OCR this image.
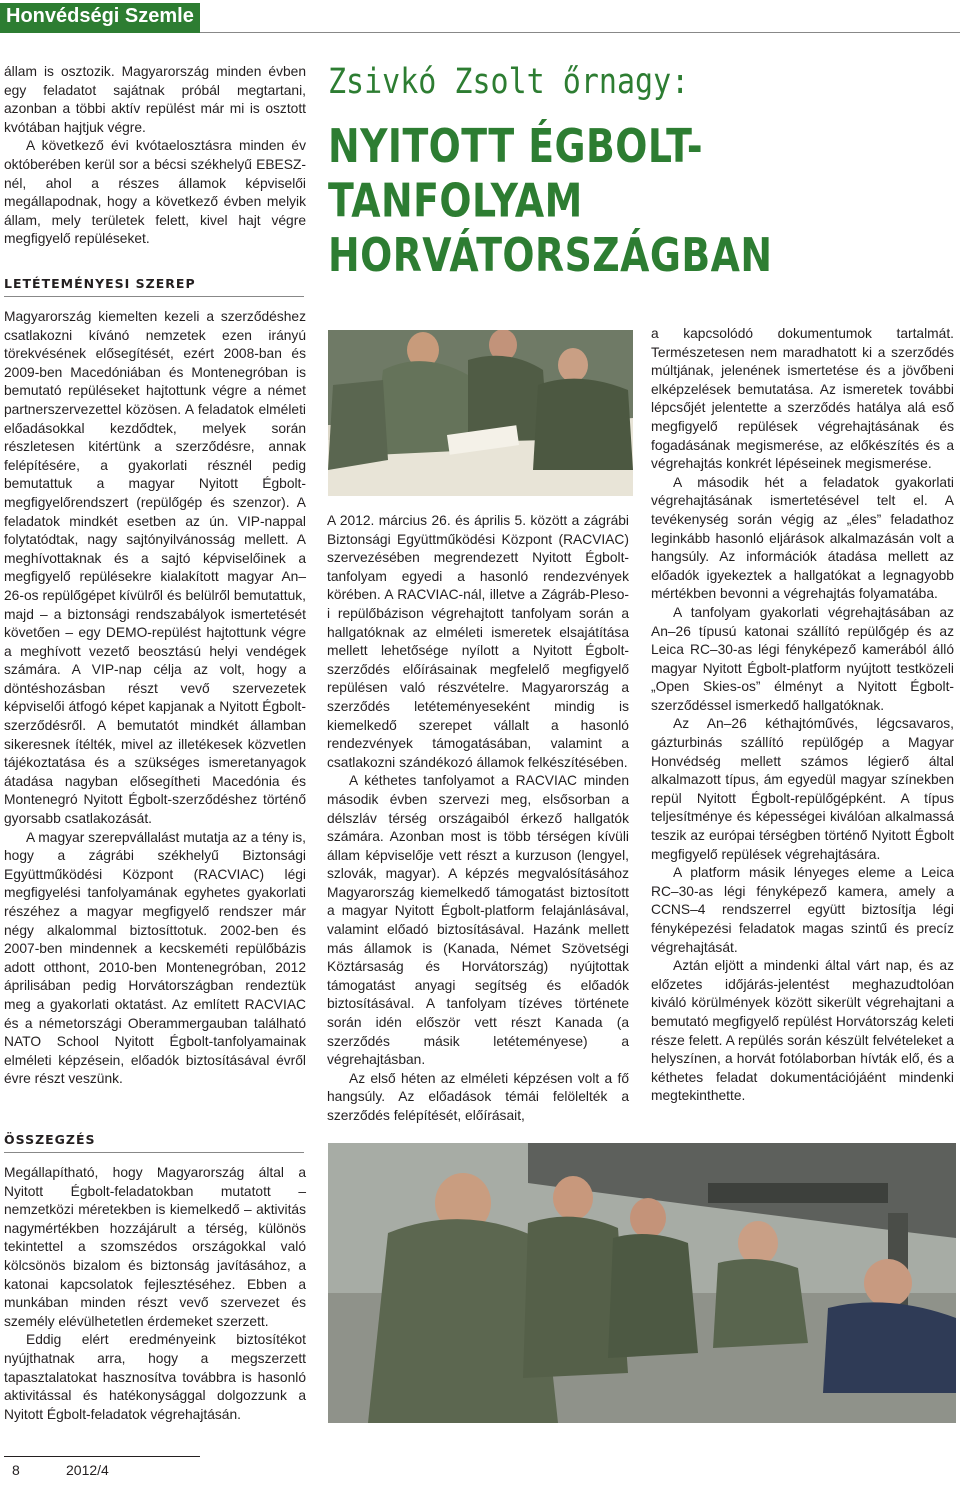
Honvédségi Szemle

állam is osztozik. Magyarország minden évben egy feladatot sajátnak próbál megtartani, azonban a többi aktív repülést már mi is osztott kvótában hajtjuk végre.

A következő évi kvótaelosztásra minden év októberében kerül sor a bécsi székhelyű EBESZ-nél, ahol a részes államok képviselői megállapodnak, hogy a következő évben melyik állam, mely területek felett, kivel hajt végre megfigyelő repüléseket.

Zsivkó Zsolt őrnagy:
NYITOTT ÉGBOLT-TANFOLYAM
HORVÁTORSZÁGBAN
LETÉTEMÉNYESI SZEREP

Magyarország kiemelten kezeli a szerződéshez csatlakozni kívánó nemzetek ezen irányú törekvésének elősegítését, ezért 2008-ban és 2009-ben Macedóniában és Montenegróban is bemutató repüléseket hajtottunk végre a német partnerszervezettel közösen. A feladatok elméleti előadásokkal kezdődtek, melyek során részletesen kitértünk a szerződésre, annak felépítésére, a gyakorlati résznél pedig bemutattuk a magyar Nyitott Égbolt-megfigyelőrendszert (repülőgép és szenzor). A feladatok mindkét esetben az ún. VIP-nappal folytatódtak, nagy sajtónyilvánosság mellett. A meghívottaknak és a sajtó képviselőinek a megfigyelő repülésekre kialakított magyar An–26-os repülőgépet kívülről és belülről bemutattuk, majd – a biztonsági rendszabályok ismertetését követően – egy DEMO-repülést hajtottunk végre a meghívott vezető beosztású helyi vendégek számára. A VIP-nap célja az volt, hogy a döntéshozásban részt vevő szervezetek képviselői átfogó képet kapjanak a Nyitott Égbolt-szerződésről. A bemutatót mindkét államban sikeresnek ítélték, mivel az illetékesek közvetlen tájékoztatása és a szükséges ismeretanyagok átadása nagyban elősegítheti Macedónia és Montenegró Nyitott Égbolt-szerződéshez történő gyorsabb csatlakozását.

A magyar szerepvállalást mutatja az a tény is, hogy a zágrábi székhelyű Biztonsági Együttműködési Központ (RACVIAC) légi megfigyelési tanfolyamának egyhetes gyakorlati részéhez a magyar megfigyelő rendszer már négy alkalommal biztosíttotuk. 2002-ben és 2007-ben mindennek a kecskeméti repülőbázis adott otthont, 2010-ben Montenegróban, 2012 áprilisában pedig Horvátországban rendeztük meg a gyakorlati oktatást. Az említett RACVIAC és a németországi Oberammergauban található NATO School Nyitott Égbolt-tanfolyamainak elméleti képzésein, előadók biztosításával évről évre részt veszünk.

ÖSSZEGZÉS

Megállapítható, hogy Magyarország által a Nyitott Égbolt-feladatokban mutatott – nemzetközi méretekben is kiemelkedő – aktivitás nagymértékben hozzájárult a térség, különös tekintettel a szomszédos országokkal való kölcsönös bizalom és biztonság javításához, a katonai kapcsolatok fejlesztéséhez. Ebben a munkában minden részt vevő szervezet és személy elévülhetetlen érdemeket szerzett.

Eddig elért eredményeink biztosítékot nyújthatnak arra, hogy a megszerzett tapasztalatokat hasznosítva továbbra is hasonló aktivitással és hatékonysággal dolgozzunk a Nyitott Égbolt-feladatok végrehajtásán.

A 2012. március 26. és április 5. között a zágrábi Biztonsági Együttműködési Központ (RACVIAC) szervezésében megrendezett Nyitott Égbolt-tanfolyam egyedi a hasonló rendezvények körében. A RACVIAC-nál, illetve a Zágráb-Pleso-i repülőbázison végrehajtott tanfolyam során a hallgatóknak az elméleti ismeretek elsajátítása mellett lehetősége nyílott a Nyitott Égbolt-szerződés előírásainak megfelelő megfigyelő repülésen való részvételre. Magyarország a szerződés letéteményeseként mindig is kiemelkedő szerepet vállalt a hasonló rendezvények támogatásában, valamint a csatlakozni szándékozó államok felkészítésében.

A kéthetes tanfolyamot a RACVIAC minden második évben szervezi meg, elsősorban a délszláv térség országaiból érkező hallgatók számára. Azonban most is több térségen kívüli állam képviselője vett részt a kurzuson (lengyel, szlovák, magyar). A képzés megvalósításához Magyarország kiemelkedő támogatást biztosított a magyar Nyitott Égbolt-platform felajánlásával, valamint előadó biztosításával. Hazánk mellett más államok is (Kanada, Német Szövetségi Köztársaság és Horvátország) nyújtottak támogatást anyagi segítség és előadók biztosításával. A tanfolyam tízéves története során idén először vett részt Kanada (a szerződés másik letéteményese) a végrehajtásban.

Az első héten az elméleti képzésen volt a fő hangsúly. Az előadások témái felölelték a szerződés felépítését, előírásait,

a kapcsolódó dokumentumok tartalmát. Természetesen nem maradhatott ki a szerződés múltjának, jelenének ismertetése és a jövőbeni elképzelések bemutatása. Az ismeretek további lépcsőjét jelentette a szerződés hatálya alá eső megfigyelő repülések végrehajtásának és fogadásának megismerése, az előkészítés és a végrehajtás konkrét lépéseinek megismerése.

A második hét a feladatok gyakorlati végrehajtásának ismertetésével telt el. A tevékenység során végig az „éles” feladathoz leginkább hasonló eljárások alkalmazásán volt a hangsúly. Az információk átadása mellett az előadók igyekeztek a hallgatókat a legnagyobb mértékben bevonni a végrehajtás folyamatába.

A tanfolyam gyakorlati végrehajtásában az An–26 típusú katonai szállító repülőgép és az Leica RC–30-as légi fényképező kamerából álló magyar Nyitott Égbolt-platform nyújtott testközeli „Open Skies-os” élményt a Nyitott Égbolt-szerződéssel ismerkedő hallgatóknak.

Az An–26 kéthajtóművés, légcsavaros, gázturbinás szállító repülőgép a Magyar Honvédség mellett számos légierő által alkalmazott típus, ám egyedül magyar színekben repül Nyitott Égbolt-repülőgépként. A típus teljesítménye és képességei kiválóan alkalmassá teszik az európai térségben történő Nyitott Égbolt megfigyelő repülések végrehajtására.

A platform másik lényeges eleme a Leica RC–30-as légi fényképező kamera, amely a CCNS–4 rendszerrel együtt biztosítja légi fényképezési feladatok magas szintű és precíz végrehajtását.

Aztán eljött a mindenki által várt nap, és az előzetes időjárás-jelentést meghazudtolóan kiváló körülmények között sikerült végrehajtani a bemutató megfigyelő repülést Horvátország keleti része felett. A repülés során készült felvételeket a helyszínen, a horvát fotólaborban hívták elő, és a kéthetes feladat dokumentációjáént mindenki megtekinthette.

8	2012/4
